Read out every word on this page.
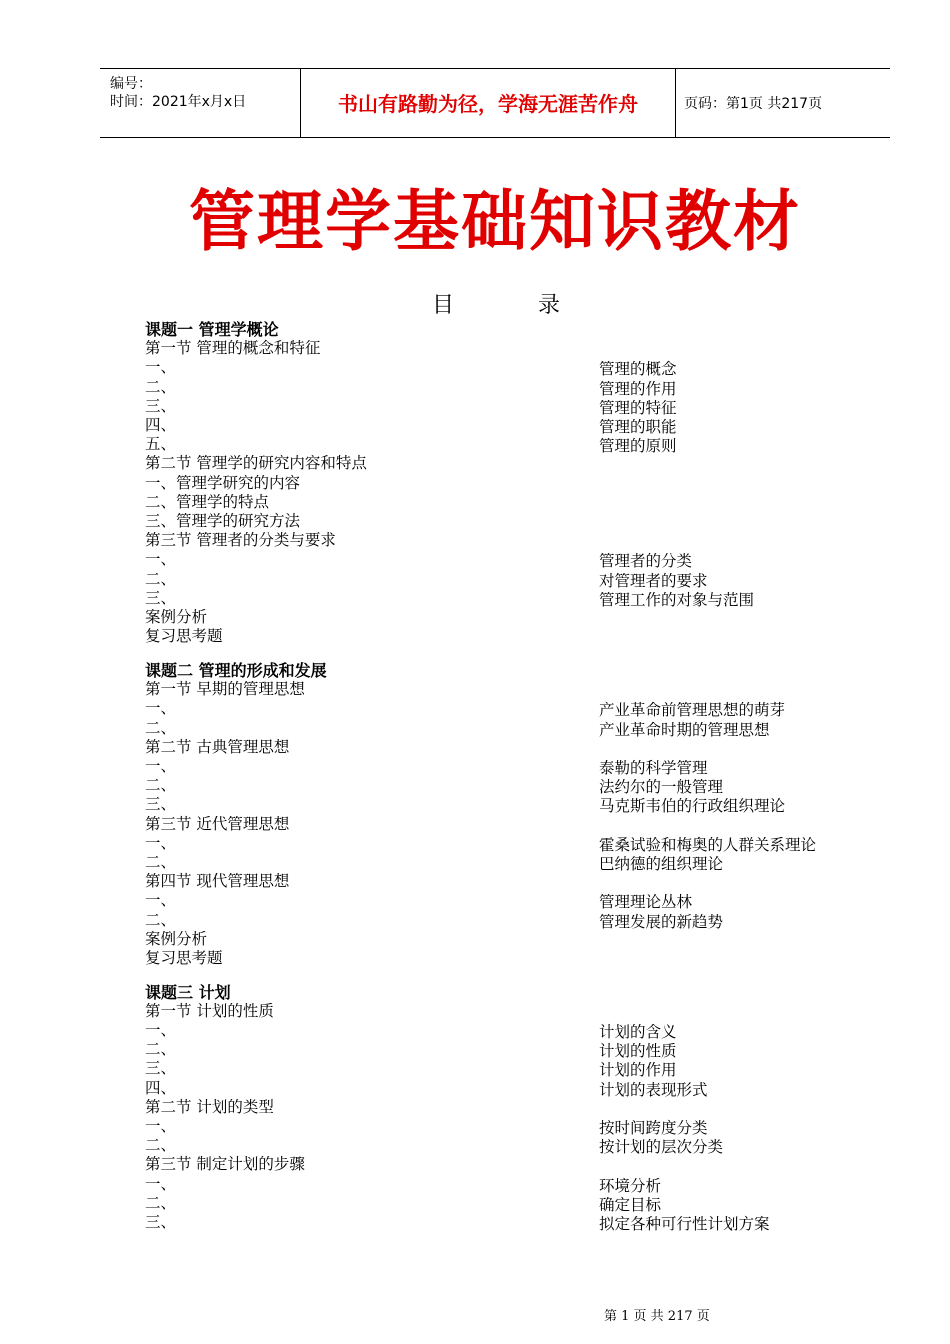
编号：
时间：2021年x月x日	书山有路勤为径，学海无涯苦作舟	页码：第1页 共217页
管理学基础知识教材
目	录
课题一 管理学概论
第一节 管理的概念和特征
一、	管理的概念
二、	管理的作用
三、	管理的特征
四、	管理的职能
五、	管理的原则
第二节 管理学的研究内容和特点
一、管理学研究的内容
二、管理学的特点
三、管理学的研究方法
第三节 管理者的分类与要求
一、	管理者的分类
二、	对管理者的要求
三、	管理工作的对象与范围
案例分析
复习思考题
课题二 管理的形成和发展
第一节 早期的管理思想
一、	产业革命前管理思想的萌芽
二、	产业革命时期的管理思想
第二节 古典管理思想
一、	泰勒的科学管理
二、	法约尔的一般管理
三、	马克斯韦伯的行政组织理论
第三节 近代管理思想
一、	霍桑试验和梅奥的人群关系理论
二、	巴纳德的组织理论
第四节 现代管理思想
一、	管理理论丛林
二、	管理发展的新趋势
案例分析
复习思考题
课题三 计划
第一节 计划的性质
一、	计划的含义
二、	计划的性质
三、	计划的作用
四、	计划的表现形式
第二节 计划的类型
一、	按时间跨度分类
二、	按计划的层次分类
第三节 制定计划的步骤
一、	环境分析
二、	确定目标
三、	拟定各种可行性计划方案
第 1 页 共 217 页
